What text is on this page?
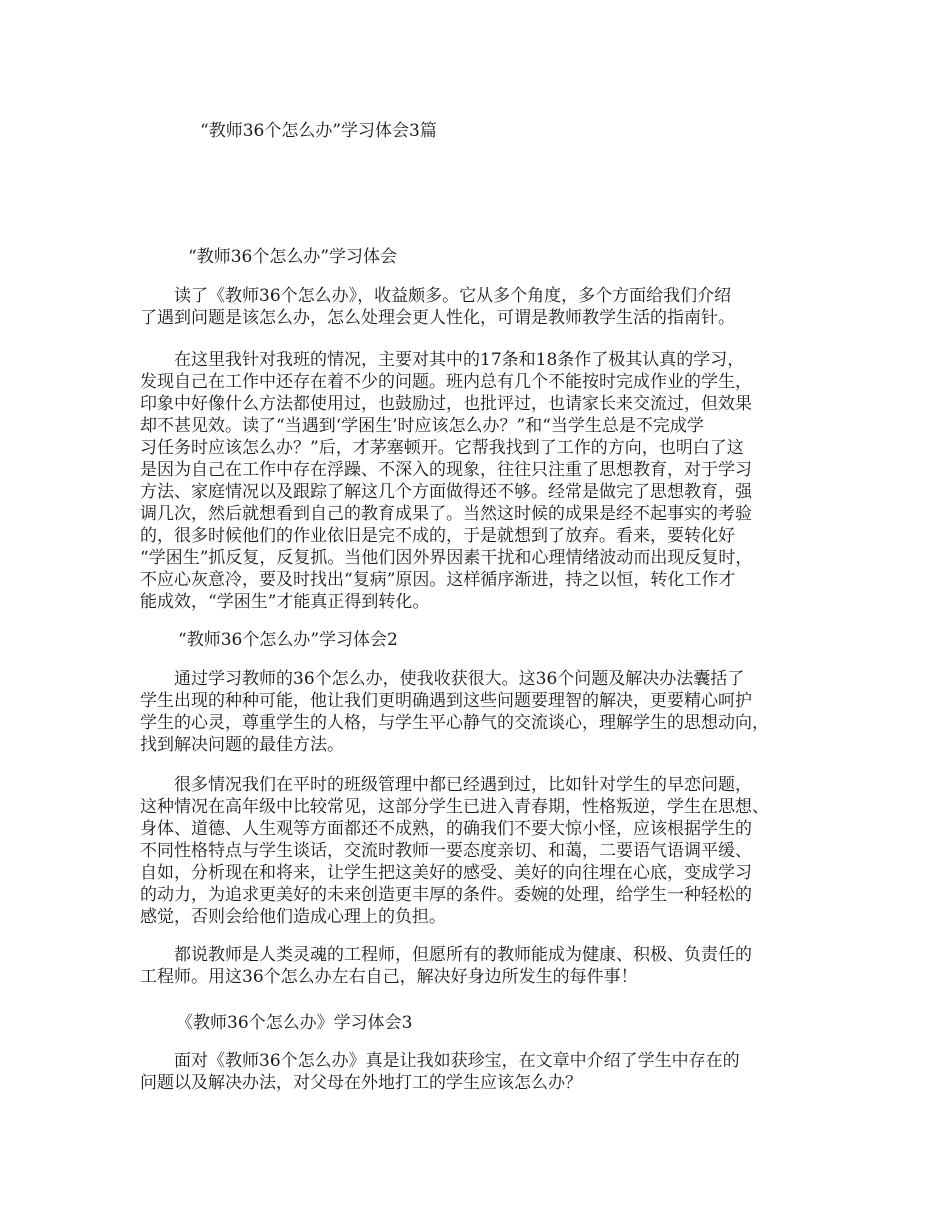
“教师36个怎么办”学习体会3篇
“教师36个怎么办”学习体会
　　读了《教师36个怎么办》，收益颇多。它从多个角度，多个方面给我们介绍
了遇到问题是该怎么办，怎么处理会更人性化，可谓是教师教学生活的指南针。
　　在这里我针对我班的情况，主要对其中的17条和18条作了极其认真的学习，
发现自己在工作中还存在着不少的问题。班内总有几个不能按时完成作业的学生，
印象中好像什么方法都使用过，也鼓励过，也批评过，也请家长来交流过，但效果
却不甚见效。读了“当遇到‘学困生’时应该怎么办？”和“当学生总是不完成学
习任务时应该怎么办？”后，才茅塞顿开。它帮我找到了工作的方向，也明白了这
是因为自己在工作中存在浮躁、不深入的现象，往往只注重了思想教育，对于学习
方法、家庭情况以及跟踪了解这几个方面做得还不够。经常是做完了思想教育，强
调几次，然后就想看到自己的教育成果了。当然这时候的成果是经不起事实的考验
的，很多时候他们的作业依旧是完不成的，于是就想到了放弃。看来，要转化好
“学困生”抓反复，反复抓。当他们因外界因素干扰和心理情绪波动而出现反复时，
不应心灰意冷，要及时找出“复病”原因。这样循序渐进，持之以恒，转化工作才
能成效，“学困生”才能真正得到转化。
“教师36个怎么办”学习体会2
　　通过学习教师的36个怎么办，使我收获很大。这36个问题及解决办法囊括了
学生出现的种种可能，他让我们更明确遇到这些问题要理智的解决，更要精心呵护
学生的心灵，尊重学生的人格，与学生平心静气的交流谈心，理解学生的思想动向，
找到解决问题的最佳方法。
　　很多情况我们在平时的班级管理中都已经遇到过，比如针对学生的早恋问题，
这种情况在高年级中比较常见，这部分学生已进入青春期，性格叛逆，学生在思想、
身体、道德、人生观等方面都还不成熟，的确我们不要大惊小怪，应该根据学生的
不同性格特点与学生谈话，交流时教师一要态度亲切、和蔼，二要语气语调平缓、
自如，分析现在和将来，让学生把这美好的感受、美好的向往埋在心底，变成学习
的动力，为追求更美好的未来创造更丰厚的条件。委婉的处理，给学生一种轻松的
感觉，否则会给他们造成心理上的负担。
　　都说教师是人类灵魂的工程师，但愿所有的教师能成为健康、积极、负责任的
工程师。用这36个怎么办左右自己，解决好身边所发生的每件事！
《教师36个怎么办》学习体会3
　　面对《教师36个怎么办》真是让我如获珍宝，在文章中介绍了学生中存在的
问题以及解决办法，对父母在外地打工的学生应该怎么办？
